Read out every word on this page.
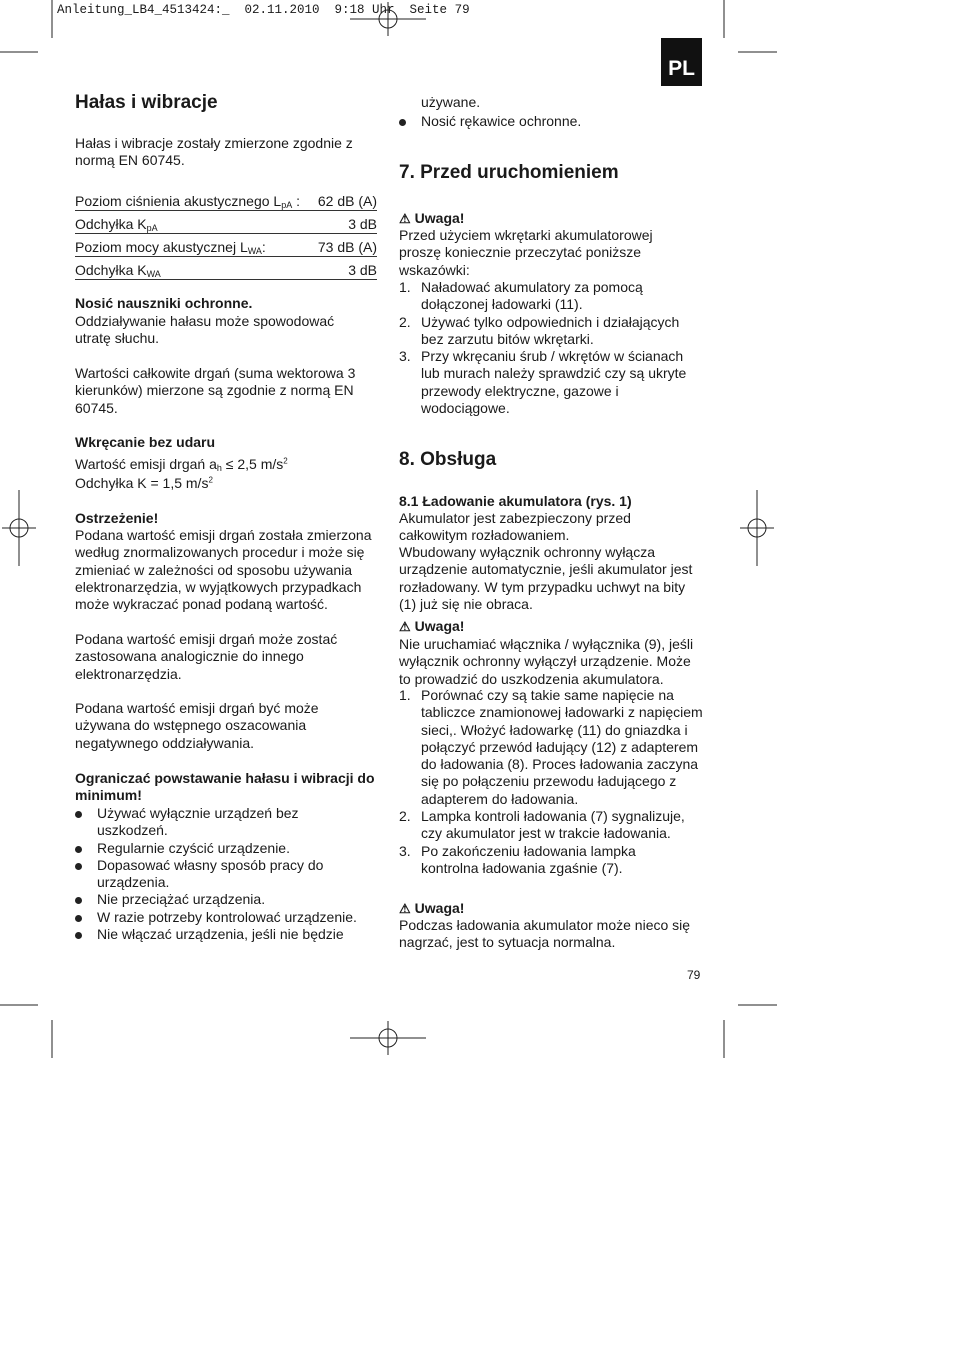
Anleitung_LB4_4513424:_  02.11.2010  9:18 Uhr  Seite 79
PL
Hałas i wibracje

Hałas i wibracje zostały zmierzone zgodnie z normą EN 60745.

Poziom ciśnienia akustycznego $L_{pA}$ :	62 dB (A)
Odchyłka $K_{pA}$	3 dB
Poziom mocy akustycznej $L_{WA}$:	73 dB (A)
Odchyłka $K_{WA}$	3 dB

Nosić nauszniki ochronne.

Oddziaływanie hałasu może spowodować utratę słuchu.

Wartości całkowite drgań (suma wektorowa 3 kierunków) mierzone są zgodnie z normą EN 60745.

Wkręcanie bez udaru

Wartość emisji drgań $a_h \le 2,5$ $m/s^2$

Odchyłka K = 1,5 $m/s^2$

Ostrzeżenie!

Podana wartość emisji drgań została zmierzona według znormalizowanych procedur i może się zmieniać w zależności od sposobu używania elektronarzędzia, w wyjątkowych przypadkach może wykraczać ponad podaną wartość.

Podana wartość emisji drgań może zostać zastosowana analogicznie do innego elektronarzędzia.

Podana wartość emisji drgań być może używana do wstępnego oszacowania negatywnego oddziaływania.

Ograniczać powstawanie hałasu i wibracji do minimum!

Używać wyłącznie urządzeń bez uszkodzeń.
Regularnie czyścić urządzenie.
Dopasować własny sposób pracy do urządzenia.
Nie przeciążać urządzenia.
W razie potrzeby kontrolować urządzenie.
Nie włączać urządzenia, jeśli nie będzie

używane.

Nosić rękawice ochronne.
7. Przed uruchomieniem

⚠ Uwaga!

Przed użyciem wkrętarki akumulatorowej proszę koniecznie przeczytać poniższe wskazówki:

1. Naładować akumulatory za pomocą dołączonej ładowarki (11).
2. Używać tylko odpowiednich i działających bez zarzutu bitów wkrętarki.
3. Przy wkręcaniu śrub / wkrętów w ścianach lub murach należy sprawdzić czy są ukryte przewody elektryczne, gazowe i wodociągowe.
8. Obsługa

8.1 Ładowanie akumulatora (rys. 1)

Akumulator jest zabezpieczony przed całkowitym rozładowaniem.

Wbudowany wyłącznik ochronny wyłącza urządzenie automatycznie, jeśli akumulator jest rozładowany. W tym przypadku uchwyt na bity (1) już się nie obraca.

⚠ Uwaga!

Nie uruchamiać włącznika / wyłącznika (9), jeśli wyłącznik ochronny wyłączył urządzenie. Może to prowadzić do uszkodzenia akumulatora.

1. Porównać czy są takie same napięcie na tabliczce znamionowej ładowarki z napięciem sieci,. Włożyć ładowarkę (11) do gniazdka i połączyć przewód ładujący (12) z adapterem do ładowania (8). Proces ładowania zaczyna się po połączeniu przewodu ładującego z adapterem do ładowania.
2. Lampka kontroli ładowania (7) sygnalizuje, czy akumulator jest w trakcie ładowania.
3. Po zakończeniu ładowania lampka kontrolna ładowania zgaśnie (7).

⚠ Uwaga!

Podczas ładowania akumulator może nieco się nagrzać, jest to sytuacja normalna.

79
